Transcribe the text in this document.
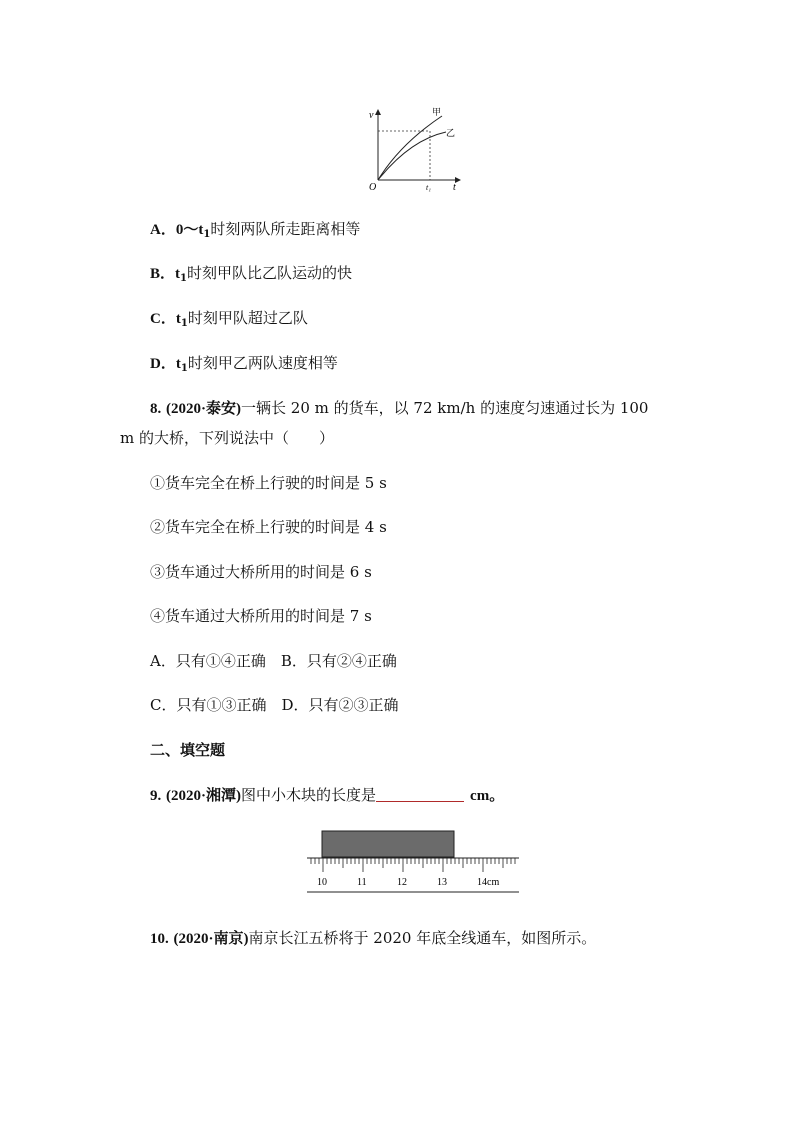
v
t
O	t₁
甲
乙
A．$0\sim t_1$时刻两队所走距离相等
B．$t_1$时刻甲队比乙队运动的快
C．$t_1$时刻甲队超过乙队
D．$t_1$时刻甲乙两队速度相等
8. (2020·泰安)一辆长 20 m 的货车，以 72 km/h 的速度匀速通过长为 100
m 的大桥，下列说法中（　　）
①货车完全在桥上行驶的时间是 5 s
②货车完全在桥上行驶的时间是 4 s
③货车通过大桥所用的时间是 6 s
④货车通过大桥所用的时间是 7 s
A．只有①④正确　B．只有②④正确
C．只有①③正确　D．只有②③正确
二、填空题
9. (2020·湘潭)图中小木块的长度是	cm。
10	11	12	13	14cm
10. (2020·南京)南京长江五桥将于 2020 年底全线通车，如图所示。
